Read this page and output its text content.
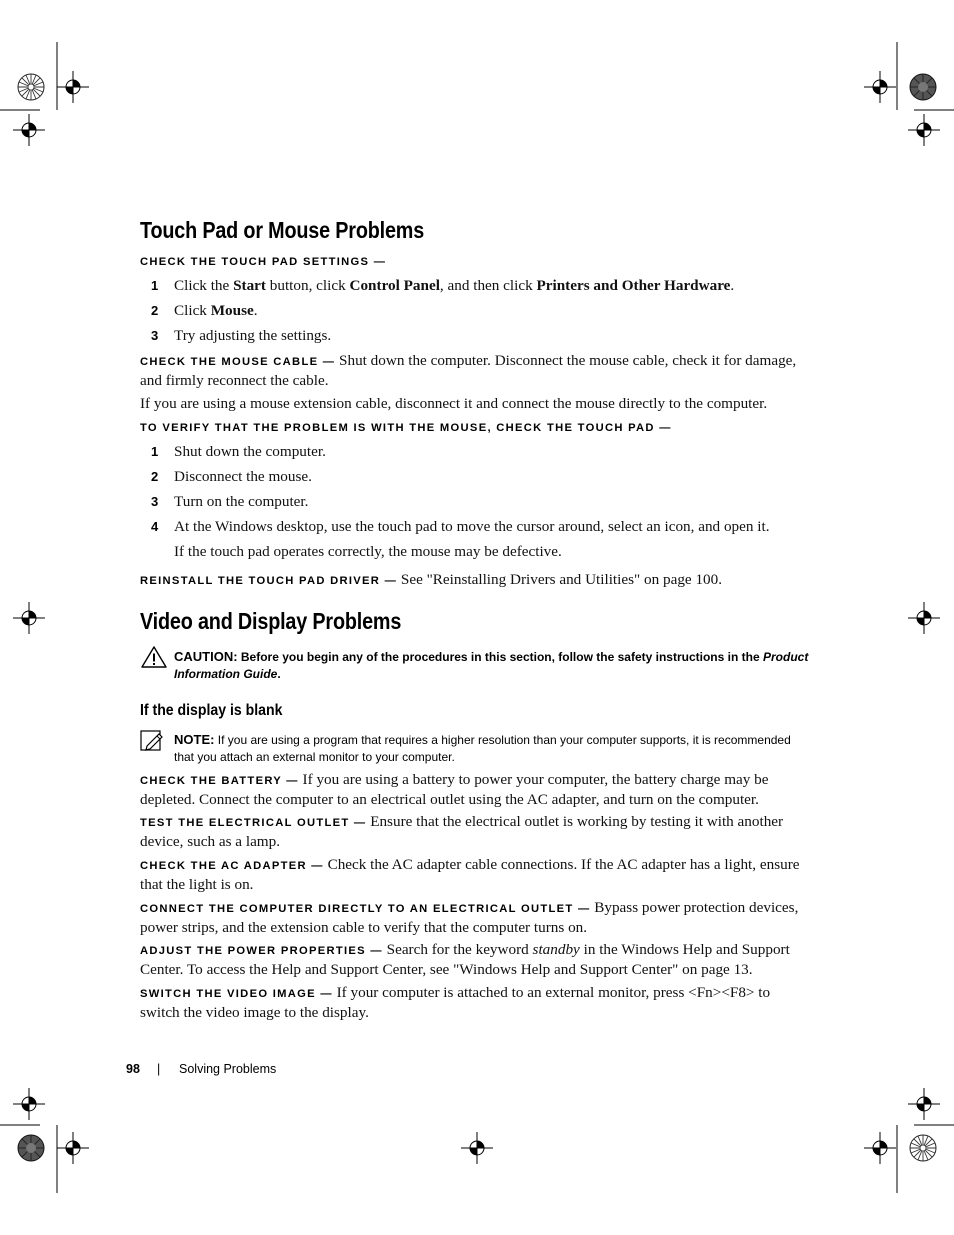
Touch Pad or Mouse Problems
CHECK THE TOUCH PAD SETTINGS —
1 Click the Start button, click Control Panel, and then click Printers and Other Hardware.
2 Click Mouse.
3 Try adjusting the settings.
CHECK THE MOUSE CABLE — Shut down the computer. Disconnect the mouse cable, check it for damage, and firmly reconnect the cable.
If you are using a mouse extension cable, disconnect it and connect the mouse directly to the computer.
TO VERIFY THAT THE PROBLEM IS WITH THE MOUSE, CHECK THE TOUCH PAD —
1 Shut down the computer.
2 Disconnect the mouse.
3 Turn on the computer.
4 At the Windows desktop, use the touch pad to move the cursor around, select an icon, and open it.
If the touch pad operates correctly, the mouse may be defective.
REINSTALL THE TOUCH PAD DRIVER — See "Reinstalling Drivers and Utilities" on page 100.
Video and Display Problems
CAUTION: Before you begin any of the procedures in this section, follow the safety instructions in the Product Information Guide.
If the display is blank
NOTE: If you are using a program that requires a higher resolution than your computer supports, it is recommended that you attach an external monitor to your computer.
CHECK THE BATTERY — If you are using a battery to power your computer, the battery charge may be depleted. Connect the computer to an electrical outlet using the AC adapter, and turn on the computer.
TEST THE ELECTRICAL OUTLET — Ensure that the electrical outlet is working by testing it with another device, such as a lamp.
CHECK THE AC ADAPTER — Check the AC adapter cable connections. If the AC adapter has a light, ensure that the light is on.
CONNECT THE COMPUTER DIRECTLY TO AN ELECTRICAL OUTLET — Bypass power protection devices, power strips, and the extension cable to verify that the computer turns on.
ADJUST THE POWER PROPERTIES — Search for the keyword standby in the Windows Help and Support Center. To access the Help and Support Center, see "Windows Help and Support Center" on page 13.
SWITCH THE VIDEO IMAGE — If your computer is attached to an external monitor, press <Fn><F8> to switch the video image to the display.
98 | Solving Problems
